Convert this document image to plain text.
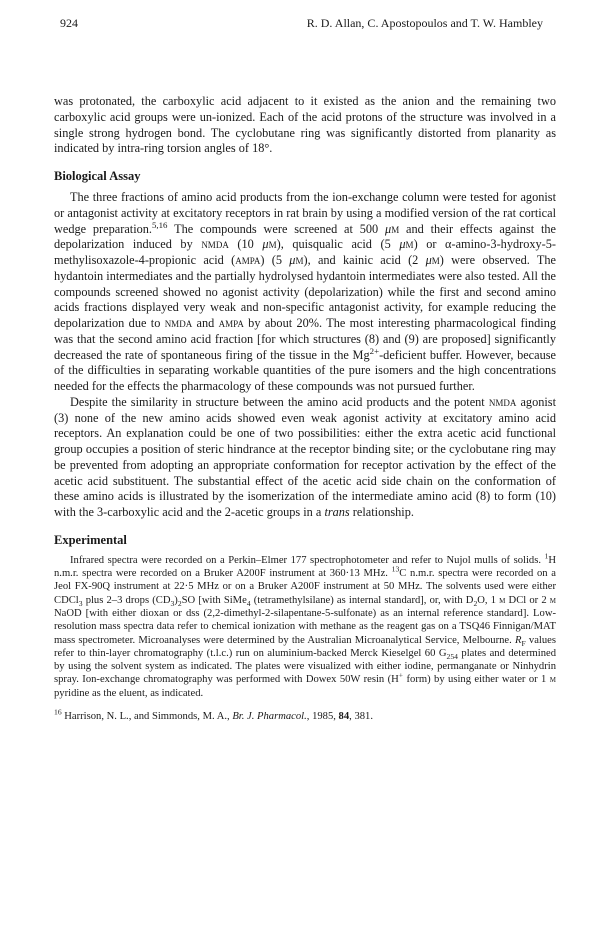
924	R. D. Allan, C. Apostopoulos and T. W. Hambley

was protonated, the carboxylic acid adjacent to it existed as the anion and the remaining two carboxylic acid groups were un-ionized. Each of the acid protons of the structure was involved in a single strong hydrogen bond. The cyclobutane ring was significantly distorted from planarity as indicated by intra-ring torsion angles of 18°.

Biological Assay

The three fractions of amino acid products from the ion-exchange column were tested for agonist or antagonist activity at excitatory receptors in rat brain by using a modified version of the rat cortical wedge preparation.$^{5,16}$ The compounds were screened at 500 μm and their effects against the depolarization induced by nmda (10 μm), quisqualic acid (5 μm) or α-amino-3-hydroxy-5-methylisoxazole-4-propionic acid (ampa) (5 μm), and kainic acid (2 μm) were observed. The hydantoin intermediates and the partially hydrolysed hydantoin intermediates were also tested. All the compounds screened showed no agonist activity (depolarization) while the first and second amino acids fractions displayed very weak and non-specific antagonist activity, for example reducing the depolarization due to nmda and ampa by about 20%. The most interesting pharmacological finding was that the second amino acid fraction [for which structures (8) and (9) are proposed] significantly decreased the rate of spontaneous firing of the tissue in the $Mg^{2+}$-deficient buffer. However, because of the difficulties in separating workable quantities of the pure isomers and the high concentrations needed for the effects the pharmacology of these compounds was not pursued further.

Despite the similarity in structure between the amino acid products and the potent nmda agonist (3) none of the new amino acids showed even weak agonist activity at excitatory amino acid receptors. An explanation could be one of two possibilities: either the extra acetic acid functional group occupies a position of steric hindrance at the receptor binding site; or the cyclobutane ring may be prevented from adopting an appropriate conformation for receptor activation by the effect of the acetic acid substituent. The substantial effect of the acetic acid side chain on the conformation of these amino acids is illustrated by the isomerization of the intermediate amino acid (8) to form (10) with the 3-carboxylic acid and the 2-acetic groups in a trans relationship.

Experimental

Infrared spectra were recorded on a Perkin–Elmer 177 spectrophotometer and refer to Nujol mulls of solids. $^1$H n.m.r. spectra were recorded on a Bruker A200F instrument at 360·13 MHz. $^{13}$C n.m.r. spectra were recorded on a Jeol FX-90Q instrument at 22·5 MHz or on a Bruker A200F instrument at 50 MHz. The solvents used were either CDCl$_3$ plus 2–3 drops $(CD_3)_2SO$ [with SiMe$_4$ (tetramethylsilane) as internal standard], or, with $D_2O$, 1 m DCl or 2 m NaOD [with either dioxan or dss (2,2-dimethyl-2-silapentane-5-sulfonate) as an internal reference standard]. Low-resolution mass spectra data refer to chemical ionization with methane as the reagent gas on a TSQ46 Finnigan/MAT mass spectrometer. Microanalyses were determined by the Australian Microanalytical Service, Melbourne. $R_F$ values refer to thin-layer chromatography (t.l.c.) run on aluminium-backed Merck Kieselgel 60 $G_{254}$ plates and determined by using the solvent system as indicated. The plates were visualized with either iodine, permanganate or Ninhydrin spray. Ion-exchange chromatography was performed with Dowex 50W resin (H+ form) by using either water or 1 m pyridine as the eluent, as indicated.

$^{16}$ Harrison, N. L., and Simmonds, M. A., Br. J. Pharmacol., 1985, 84, 381.
